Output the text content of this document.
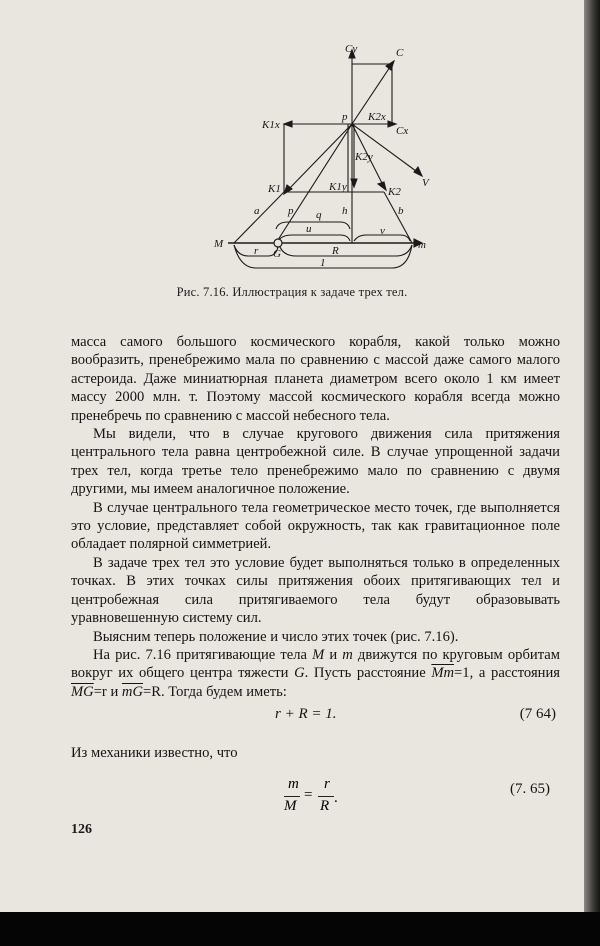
Cy	C
p K2x
Cx
K1x
V
K1	K1y
K2y
K2
a	p q h	b
u	v
M
r G	R	m
1
Рис. 7.16. Иллюстрация к задаче трех тел.

масса самого большого космического корабля, какой только можно вообразить, пренебрежимо мала по сравнению с массой даже самого малого астероида. Даже миниатюрная планета диаметром всего около 1 км имеет массу 2000 млн. т. Поэтому массой космического корабля всегда можно пренебречь по сравнению с массой небесного тела.

Мы видели, что в случае кругового движения сила притяжения центрального тела равна центробежной силе. В случае упрощенной задачи трех тел, когда третье тело пренебрежимо мало по сравнению с двумя другими, мы имеем аналогичное положение.

В случае центрального тела геометрическое место точек, где выполняется это условие, представляет собой окружность, так как гравитационное поле обладает полярной симметрией.

В задаче трех тел это условие будет выполняться только в определенных точках. В этих точках силы притяжения обоих притягивающих тел и центробежная сила притягиваемого тела будут образовывать уравновешенную систему сил.

Выясним теперь положение и число этих точек (рис. 7.16).

На рис. 7.16 притягивающие тела M и m движутся по круговым орбитам вокруг их общего центра тяжести G. Пусть расстояние $\overline{Mm}=1$, а расстояния $\overline{MG}=r$ и $\overline{mG}=R$. Тогда будем иметь:

r + R = 1.	(7 64)
Из механики известно, что
m
M
=
r
R .
(7. 65)
126
